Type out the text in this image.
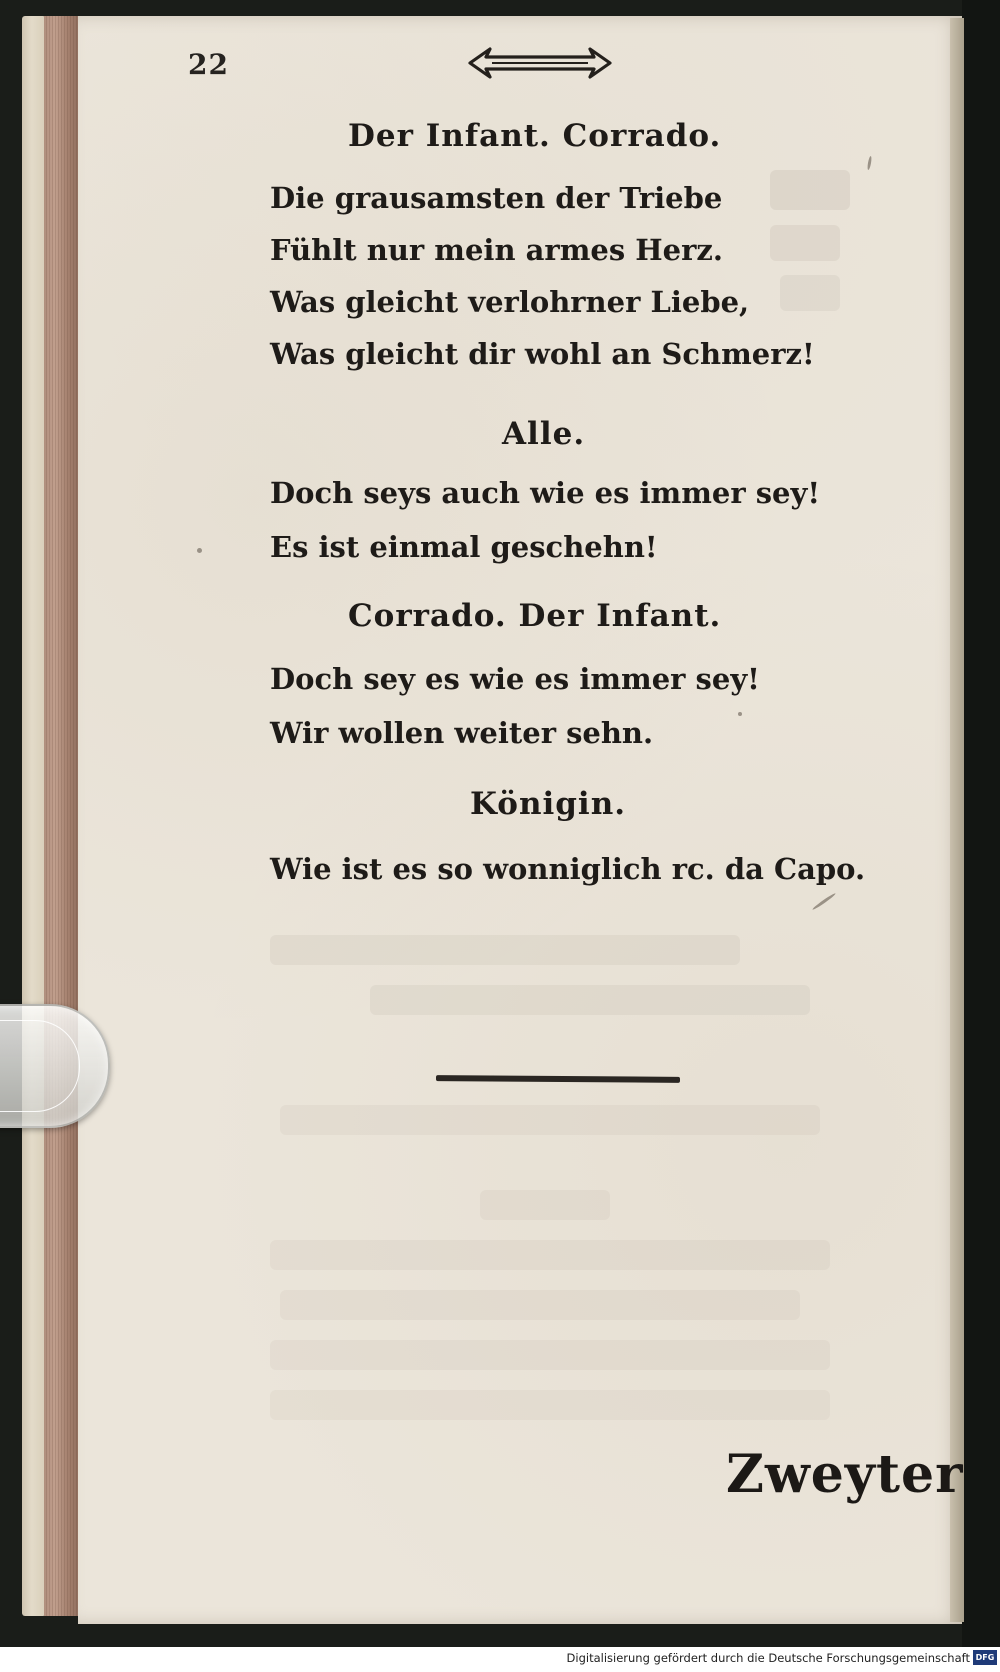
22
Der Infant. Corrado.
Die grausamsten der Triebe
Fühlt nur mein armes Herz.
Was gleicht verlohrner Liebe,
Was gleicht dir wohl an Schmerz!
Alle.
Doch seys auch wie es immer sey!
Es ist einmal geschehn!
Corrado. Der Infant.
Doch sey es wie es immer sey!
Wir wollen weiter sehn.
Königin.
Wie ist es so wonniglich rc. da Capo.
Zweyter
Digitalisierung gefördert durch die Deutsche Forschungsgemeinschaft DFG
